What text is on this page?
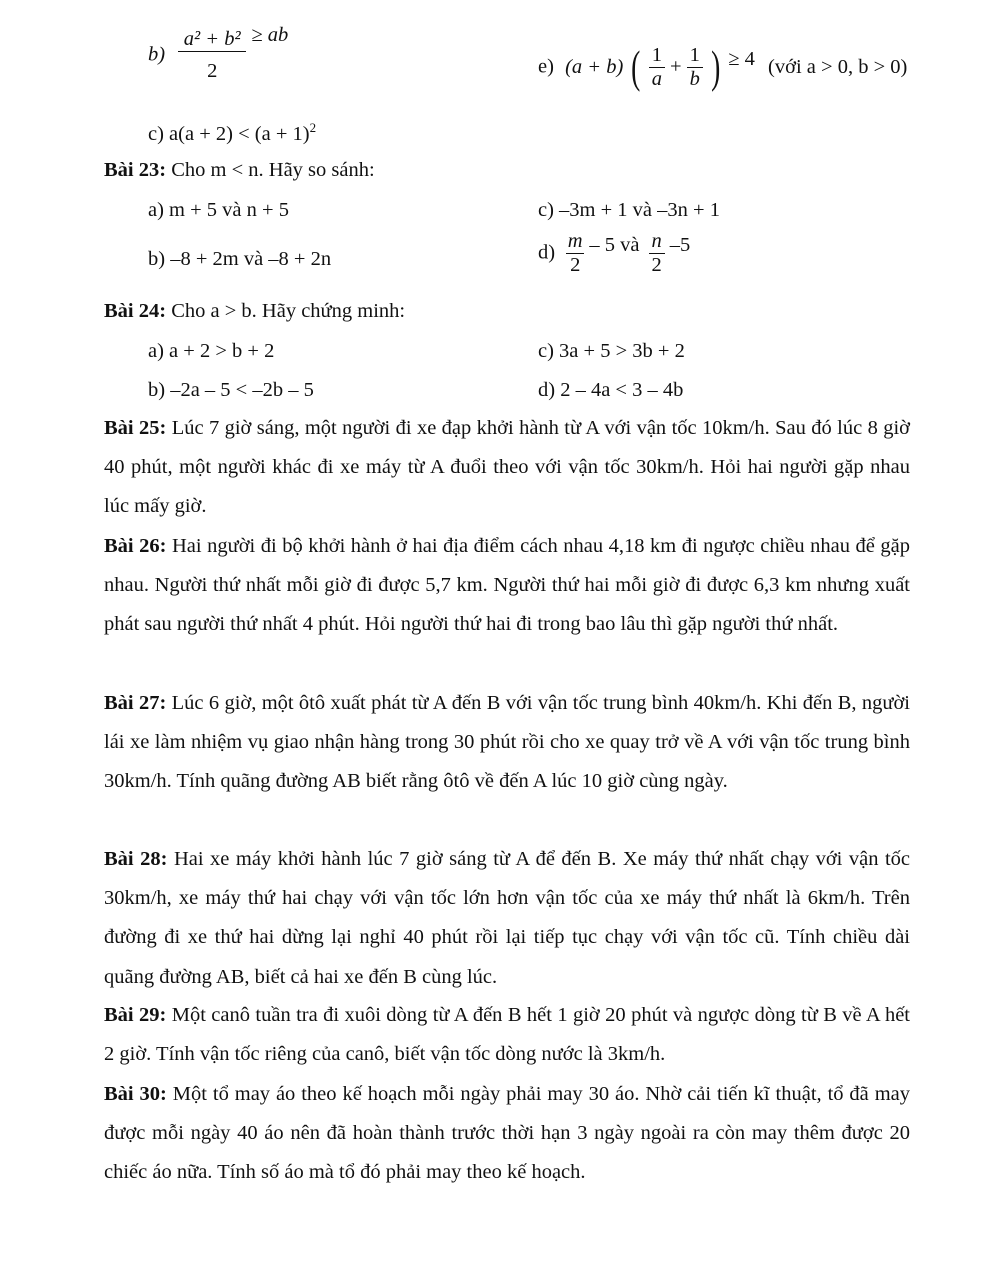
$b) \frac{\text{a² + b²}}{2}$ ≥ ab
e) (a + b) ( $\frac{1}{a} + \frac{1}{b}$ ) ≥ 4 (với a > 0, b > 0)
c) $a(a + 2) < (a + 1)^2$
Bài 23: Cho m < n. Hãy so sánh:
a) m + 5 và n + 5	c) –3m + 1 và –3n + 1
b) –8 + 2m và –8 + 2n	$d) \frac{m}{2} - 5$ và $\frac{n}{2} -5$
Bài 24: Cho a > b. Hãy chứng minh:
a) a + 2 > b + 2	c) 3a + 5 > 3b + 2
b) –2a – 5 < –2b – 5	d) 2 – 4a < 3 – 4b
Bài 25: Lúc 7 giờ sáng, một người đi xe đạp khởi hành từ A với vận tốc 10km/h. Sau đó lúc 8 giờ 40 phút, một người khác đi xe máy từ A đuổi theo với vận tốc 30km/h. Hỏi hai người gặp nhau lúc mấy giờ.
Bài 26: Hai người đi bộ khởi hành ở hai địa điểm cách nhau 4,18 km đi ngược chiều nhau để gặp nhau. Người thứ nhất mỗi giờ đi được 5,7 km. Người thứ hai mỗi giờ đi được 6,3 km nhưng xuất phát sau người thứ nhất 4 phút. Hỏi người thứ hai đi trong bao lâu thì gặp người thứ nhất.
Bài 27: Lúc 6 giờ, một ôtô xuất phát từ A đến B với vận tốc trung bình 40km/h. Khi đến B, người lái xe làm nhiệm vụ giao nhận hàng trong 30 phút rồi cho xe quay trở về A với vận tốc trung bình 30km/h. Tính quãng đường AB biết rằng ôtô về đến A lúc 10 giờ cùng ngày.
Bài 28: Hai xe máy khởi hành lúc 7 giờ sáng từ A để đến B. Xe máy thứ nhất chạy với vận tốc 30km/h, xe máy thứ hai chạy với vận tốc lớn hơn vận tốc của xe máy thứ nhất là 6km/h. Trên đường đi xe thứ hai dừng lại nghỉ 40 phút rồi lại tiếp tục chạy với vận tốc cũ. Tính chiều dài quãng đường AB, biết cả hai xe đến B cùng lúc.
Bài 29: Một canô tuần tra đi xuôi dòng từ A đến B hết 1 giờ 20 phút và ngược dòng từ B về A hết 2 giờ. Tính vận tốc riêng của canô, biết vận tốc dòng nước là 3km/h.
Bài 30: Một tổ may áo theo kế hoạch mỗi ngày phải may 30 áo. Nhờ cải tiến kĩ thuật, tổ đã may được mỗi ngày 40 áo nên đã hoàn thành trước thời hạn 3 ngày ngoài ra còn may thêm được 20 chiếc áo nữa. Tính số áo mà tổ đó phải may theo kế hoạch.
